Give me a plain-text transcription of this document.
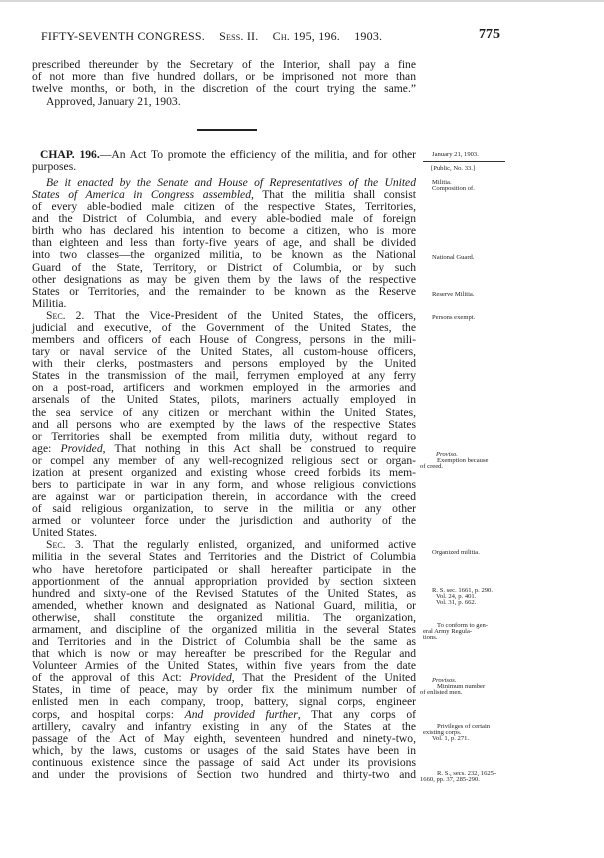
FIFTY-SEVENTH CONGRESS. Sess. II. Ch. 195, 196. 1903.	775
prescribed thereunder by the Secretary of the Interior, shall pay a fine
of not more than five hundred dollars, or be imprisoned not more than
twelve months, or both, in the discretion of the court trying the same.”
Approved, January 21, 1903.
CHAP. 196.—An Act To promote the efficiency of the militia, and for other
purposes.
Be it enacted by the Senate and House of Representatives of the United
States of America in Congress assembled, That the militia shall consist
of every able-bodied male citizen of the respective States, Territories,
and the District of Columbia, and every able-bodied male of foreign
birth who has declared his intention to become a citizen, who is more
than eighteen and less than forty-five years of age, and shall be divided
into two classes—the organized militia, to be known as the National
Guard of the State, Territory, or District of Columbia, or by such
other designations as may be given them by the laws of the respective
States or Territories, and the remainder to be known as the Reserve
Militia.
Sec. 2. That the Vice-President of the United States, the officers,
judicial and executive, of the Government of the United States, the
members and officers of each House of Congress, persons in the mili-
tary or naval service of the United States, all custom-house officers,
with their clerks, postmasters and persons employed by the United
States in the transmission of the mail, ferrymen employed at any ferry
on a post-road, artificers and workmen employed in the armories and
arsenals of the United States, pilots, mariners actually employed in
the sea service of any citizen or merchant within the United States,
and all persons who are exempted by the laws of the respective States
or Territories shall be exempted from militia duty, without regard to
age: Provided, That nothing in this Act shall be construed to require
or compel any member of any well-recognized religious sect or organ-
ization at present organized and existing whose creed forbids its mem-
bers to participate in war in any form, and whose religious convictions
are against war or participation therein, in accordance with the creed
of said religious organization, to serve in the militia or any other
armed or volunteer force under the jurisdiction and authority of the
United States.
Sec. 3. That the regularly enlisted, organized, and uniformed active
militia in the several States and Territories and the District of Columbia
who have heretofore participated or shall hereafter participate in the
apportionment of the annual appropriation provided by section sixteen
hundred and sixty-one of the Revised Statutes of the United States, as
amended, whether known and designated as National Guard, militia, or
otherwise, shall constitute the organized militia. The organization,
armament, and discipline of the organized militia in the several States
and Territories and in the District of Columbia shall be the same as
that which is now or may hereafter be prescribed for the Regular and
Volunteer Armies of the United States, within five years from the date
of the approval of this Act: Provided, That the President of the United
States, in time of peace, may by order fix the minimum number of
enlisted men in each company, troop, battery, signal corps, engineer
corps, and hospital corps: And provided further, That any corps of
artillery, cavalry and infantry existing in any of the States at the
passage of the Act of May eighth, seventeen hundred and ninety-two,
which, by the laws, customs or usages of the said States have been in
continuous existence since the passage of said Act under its provisions
and under the provisions of Section two hundred and thirty-two and
January 21, 1903.
[Public, No. 33.]
Militia.
Composition of.
National Guard.
Reserve Militia.
Persons exempt.
Proviso.
Exemption because
of creed.
Organized militia.
R. S. sec. 1661, p. 290.
Vol. 24, p. 401.
Vol. 31, p. 662.
To conform to gen-
eral Army Regula-
tions.
Provisos.
Minimum number
of enlisted men.
Privileges of certain
existing corps.
Vol. 1, p. 271.
R. S., secs. 232, 1625-
1660, pp. 37, 285-290.
